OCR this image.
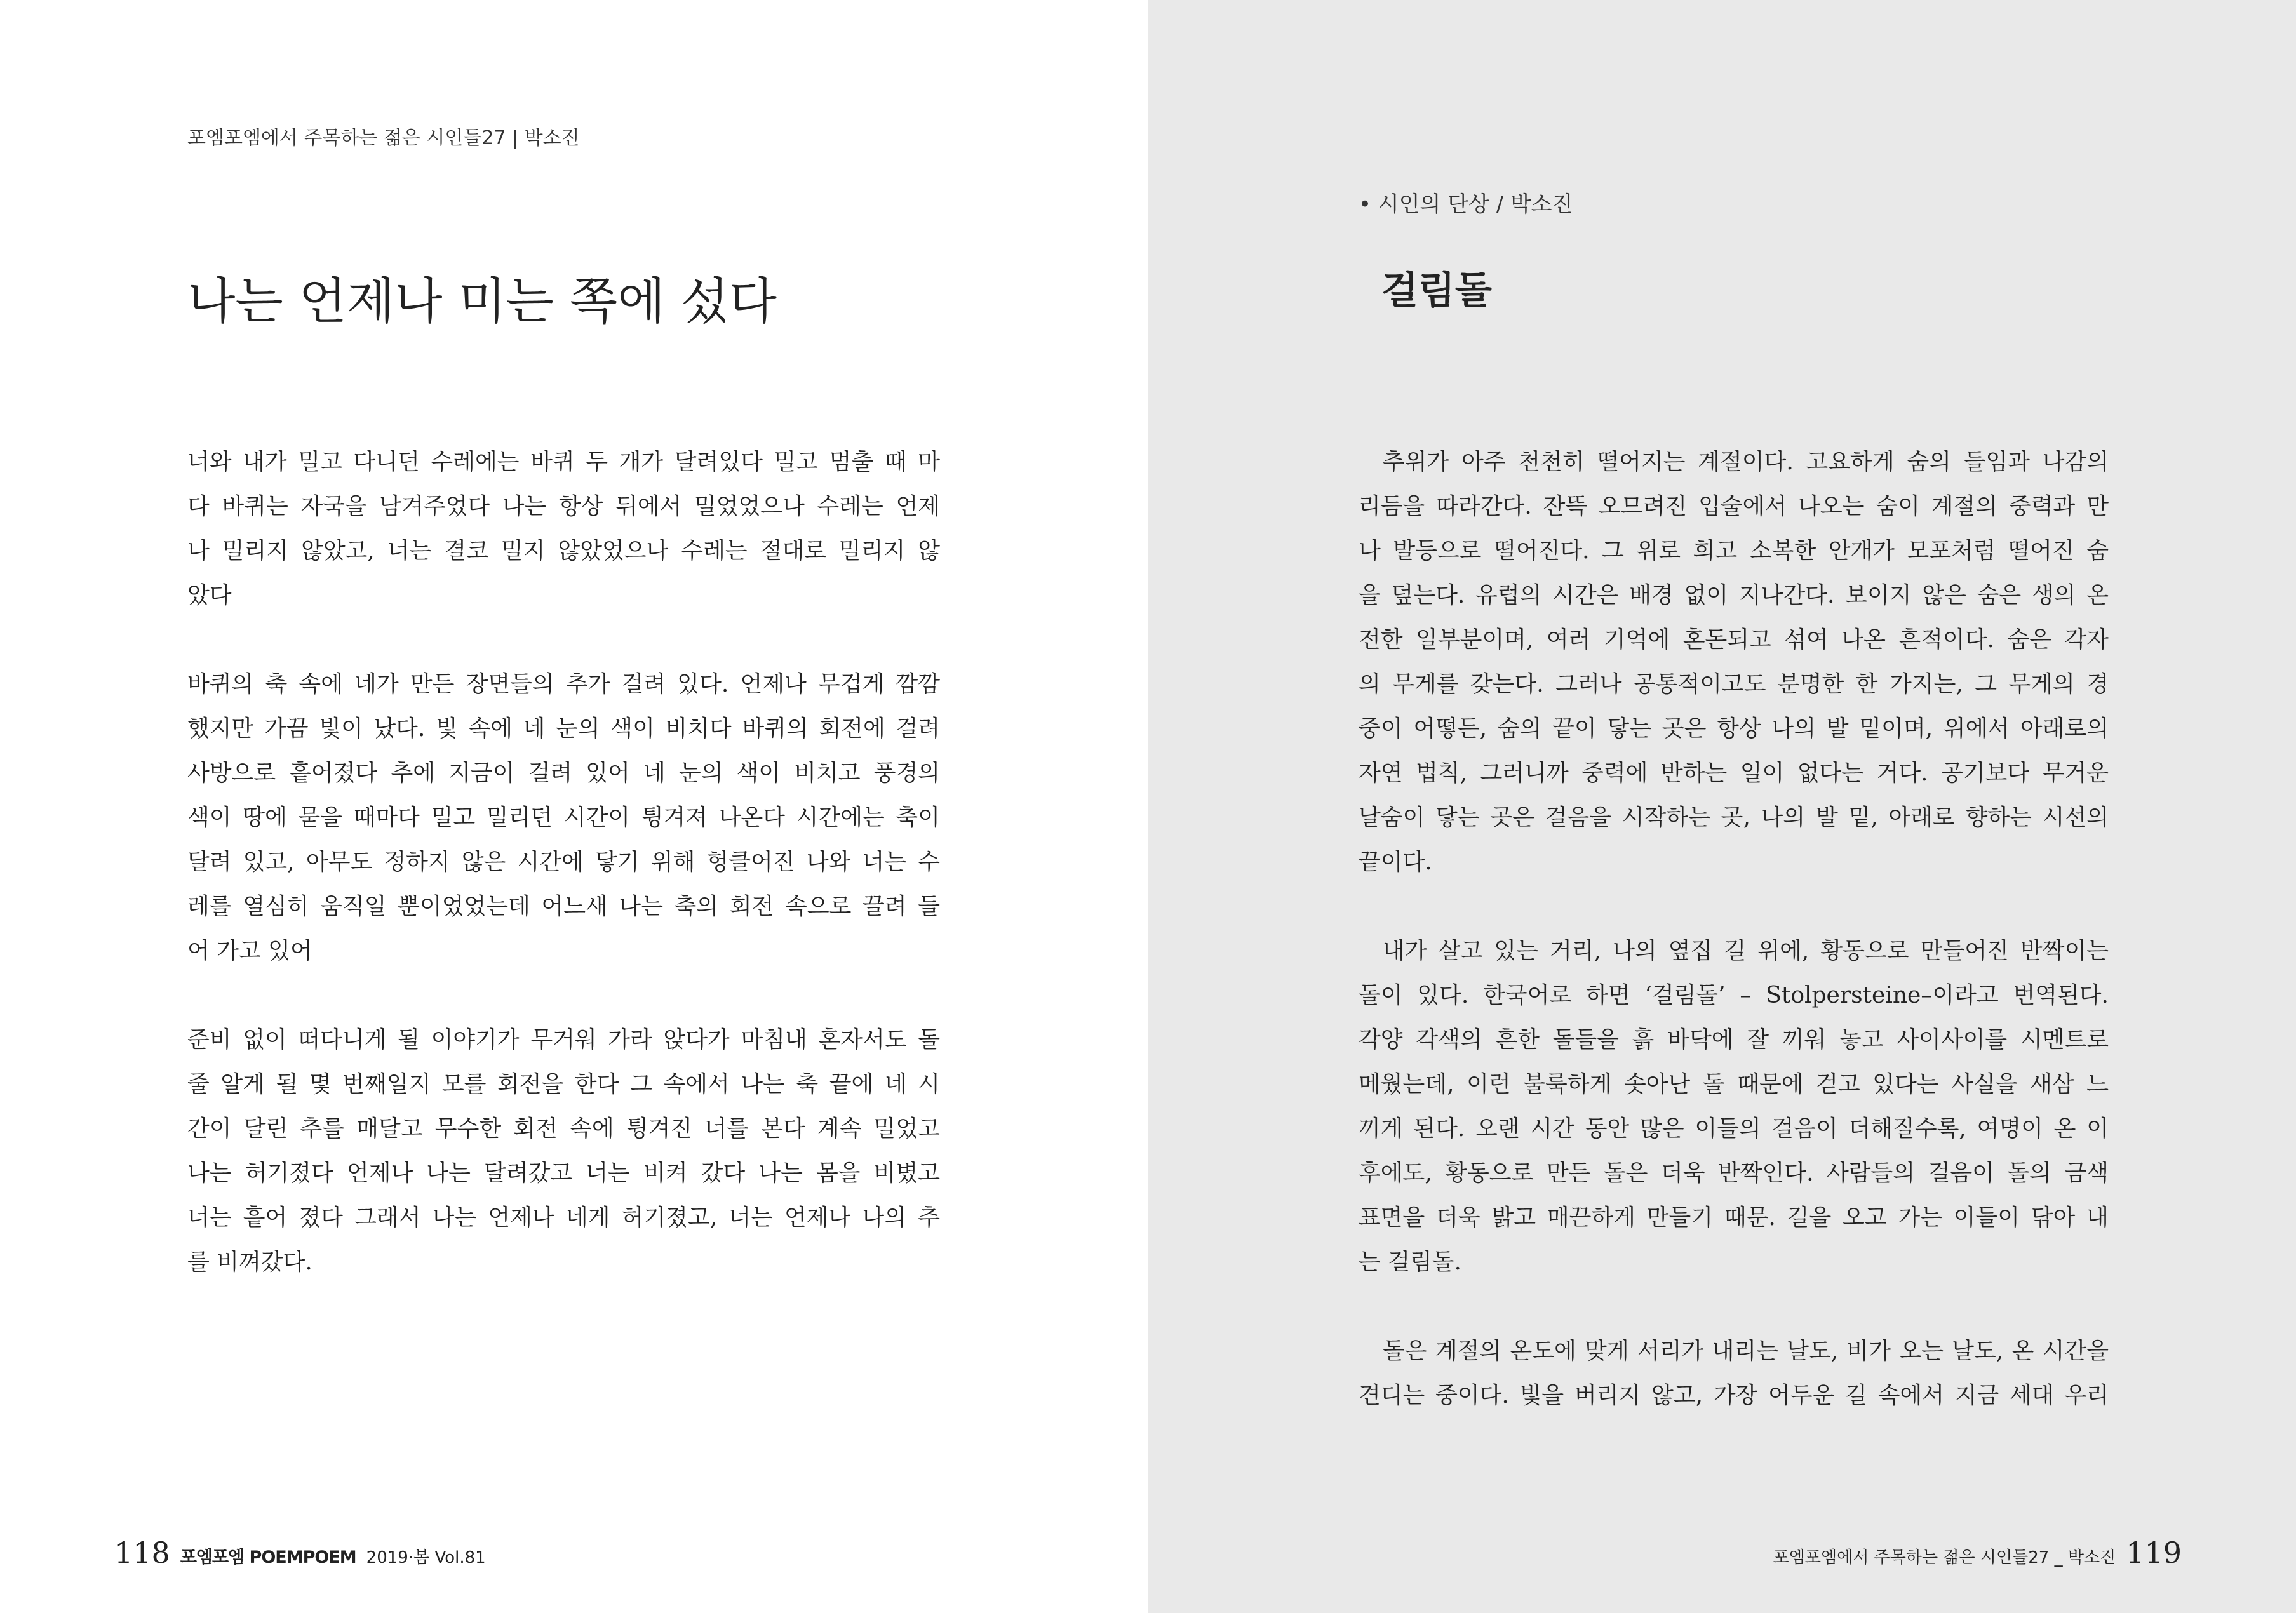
포엠포엠에서 주목하는 젊은 시인들27 | 박소진
나는 언제나 미는 쪽에 섰다
너와 내가 밀고 다니던 수레에는 바퀴 두 개가 달려있다 밀고 멈출 때 마
다 바퀴는 자국을 남겨주었다 나는 항상 뒤에서 밀었었으나 수레는 언제
나 밀리지 않았고, 너는 결코 밀지 않았었으나 수레는 절대로 밀리지 않
았다
바퀴의 축 속에 네가 만든 장면들의 추가 걸려 있다. 언제나 무겁게 깜깜
했지만 가끔 빛이 났다. 빛 속에 네 눈의 색이 비치다 바퀴의 회전에 걸려
사방으로 흩어졌다 추에 지금이 걸려 있어 네 눈의 색이 비치고 풍경의
색이 땅에 묻을 때마다 밀고 밀리던 시간이 튕겨져 나온다 시간에는 축이
달려 있고, 아무도 정하지 않은 시간에 닿기 위해 헝클어진 나와 너는 수
레를 열심히 움직일 뿐이었었는데 어느새 나는 축의 회전 속으로 끌려 들
어 가고 있어
준비 없이 떠다니게 될 이야기가 무거워 가라 앉다가 마침내 혼자서도 돌
줄 알게 될 몇 번째일지 모를 회전을 한다 그 속에서 나는 축 끝에 네 시
간이 달린 추를 매달고 무수한 회전 속에 튕겨진 너를 본다 계속 밀었고
나는 허기졌다 언제나 나는 달려갔고 너는 비켜 갔다 나는 몸을 비볐고
너는 흩어 졌다 그래서 나는 언제나 네게 허기졌고, 너는 언제나 나의 추
를 비껴갔다.
• 시인의 단상 / 박소진
걸림돌
추위가 아주 천천히 떨어지는 계절이다. 고요하게 숨의 들임과 나감의
리듬을 따라간다. 잔뜩 오므려진 입술에서 나오는 숨이 계절의 중력과 만
나 발등으로 떨어진다. 그 위로 희고 소복한 안개가 모포처럼 떨어진 숨
을 덮는다. 유럽의 시간은 배경 없이 지나간다. 보이지 않은 숨은 생의 온
전한 일부분이며, 여러 기억에 혼돈되고 섞여 나온 흔적이다. 숨은 각자
의 무게를 갖는다. 그러나 공통적이고도 분명한 한 가지는, 그 무게의 경
중이 어떻든, 숨의 끝이 닿는 곳은 항상 나의 발 밑이며, 위에서 아래로의
자연 법칙, 그러니까 중력에 반하는 일이 없다는 거다. 공기보다 무거운
날숨이 닿는 곳은 걸음을 시작하는 곳, 나의 발 밑, 아래로 향하는 시선의
끝이다.
내가 살고 있는 거리, 나의 옆집 길 위에, 황동으로 만들어진 반짝이는
돌이 있다. 한국어로 하면 ‘걸림돌’ – Stolpersteine–이라고 번역된다.
각양 각색의 흔한 돌들을 흙 바닥에 잘 끼워 놓고 사이사이를 시멘트로
메웠는데, 이런 불룩하게 솟아난 돌 때문에 걷고 있다는 사실을 새삼 느
끼게 된다. 오랜 시간 동안 많은 이들의 걸음이 더해질수록, 여명이 온 이
후에도, 황동으로 만든 돌은 더욱 반짝인다. 사람들의 걸음이 돌의 금색
표면을 더욱 밝고 매끈하게 만들기 때문. 길을 오고 가는 이들이 닦아 내
는 걸림돌.
돌은 계절의 온도에 맞게 서리가 내리는 날도, 비가 오는 날도, 온 시간을
견디는 중이다. 빛을 버리지 않고, 가장 어두운 길 속에서 지금 세대 우리
118 포엠포엠 POEMPOEM 2019·봄 Vol.81	포엠포엠에서 주목하는 젊은 시인들27 _ 박소진 119
